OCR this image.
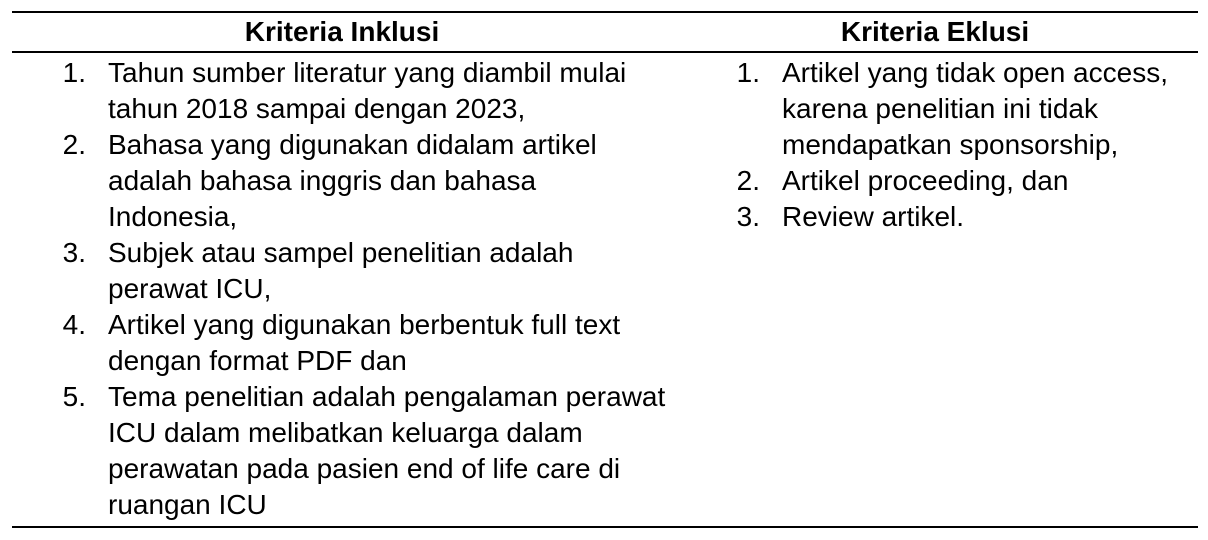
Kriteria Inklusi	Kriteria Eklusi
1. Tahun sumber literatur yang diambil mulai tahun 2018 sampai dengan 2023,
2. Bahasa yang digunakan didalam artikel adalah bahasa inggris dan bahasa Indonesia,
3. Subjek atau sampel penelitian adalah perawat ICU,
4. Artikel yang digunakan berbentuk full text dengan format PDF dan
5. Tema penelitian adalah pengalaman perawat ICU dalam melibatkan keluarga dalam perawatan pada pasien end of life care di ruangan ICU
1. Artikel yang tidak open access, karena penelitian ini tidak mendapatkan sponsorship,
2. Artikel proceeding, dan
3. Review artikel.
